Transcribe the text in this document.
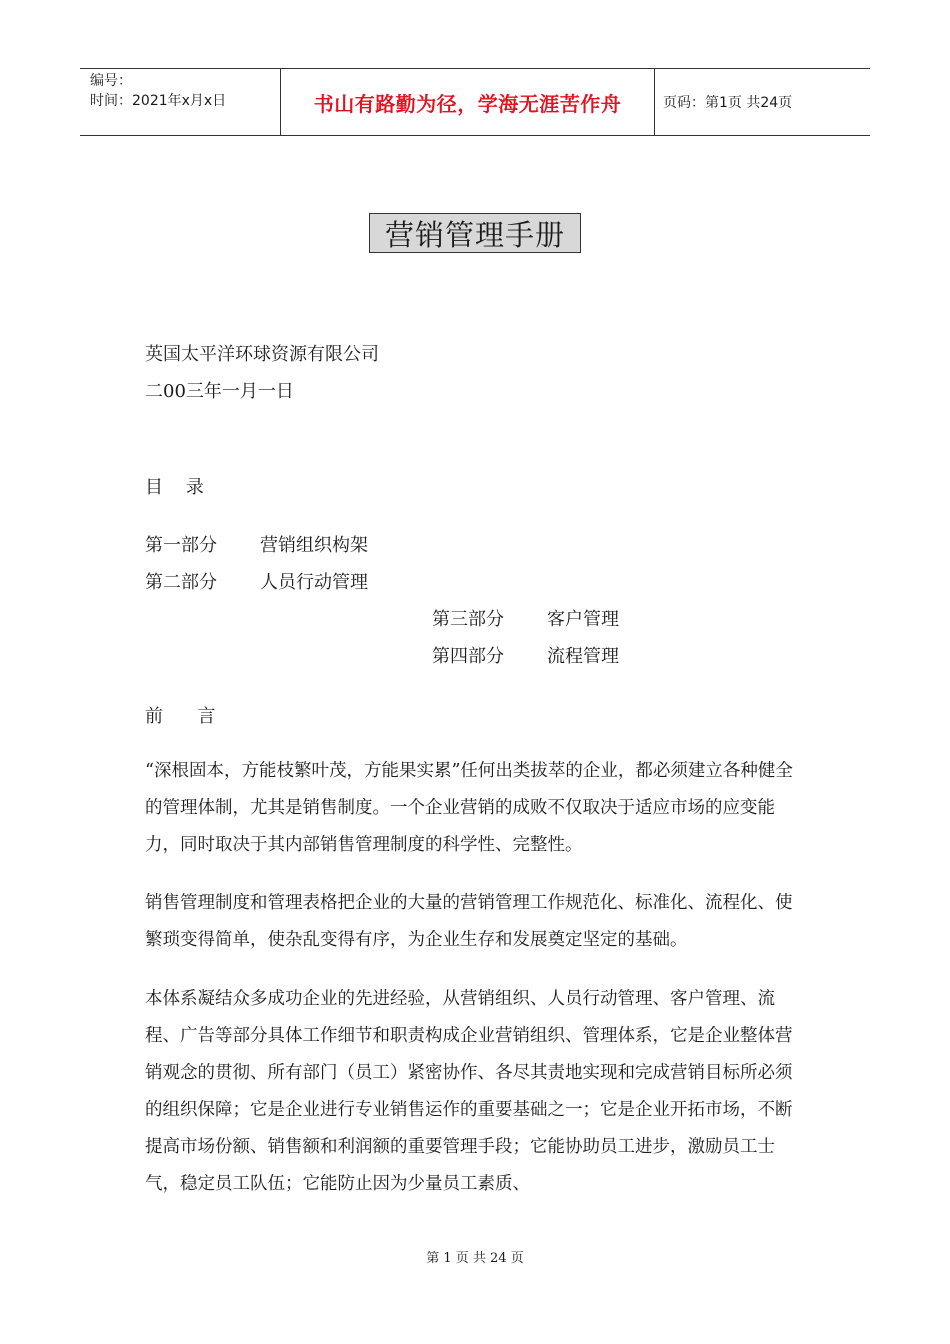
编号：
时间：2021年x月x日	书山有路勤为径，学海无涯苦作舟	页码：第1页 共24页
营销管理手册
英国太平洋环球资源有限公司
二00三年一月一日
目    录
第一部分 营销组织构架
第二部分 人员行动管理
第三部分 客户管理
第四部分 流程管理
前      言
“深根固本，方能枝繁叶茂，方能果实累”任何出类拔萃的企业，都必须建立各种健全的管理体制，尤其是销售制度。一个企业营销的成败不仅取决于适应市场的应变能力，同时取决于其内部销售管理制度的科学性、完整性。
销售管理制度和管理表格把企业的大量的营销管理工作规范化、标准化、流程化、使繁琐变得简单，使杂乱变得有序，为企业生存和发展奠定坚定的基础。
本体系凝结众多成功企业的先进经验，从营销组织、人员行动管理、客户管理、流程、广告等部分具体工作细节和职责构成企业营销组织、管理体系，它是企业整体营销观念的贯彻、所有部门（员工）紧密协作、各尽其责地实现和完成营销目标所必须的组织保障；它是企业进行专业销售运作的重要基础之一；它是企业开拓市场，不断提高市场份额、销售额和利润额的重要管理手段；它能协助员工进步，激励员工士气，稳定员工队伍；它能防止因为少量员工素质、
第 1 页 共 24 页
